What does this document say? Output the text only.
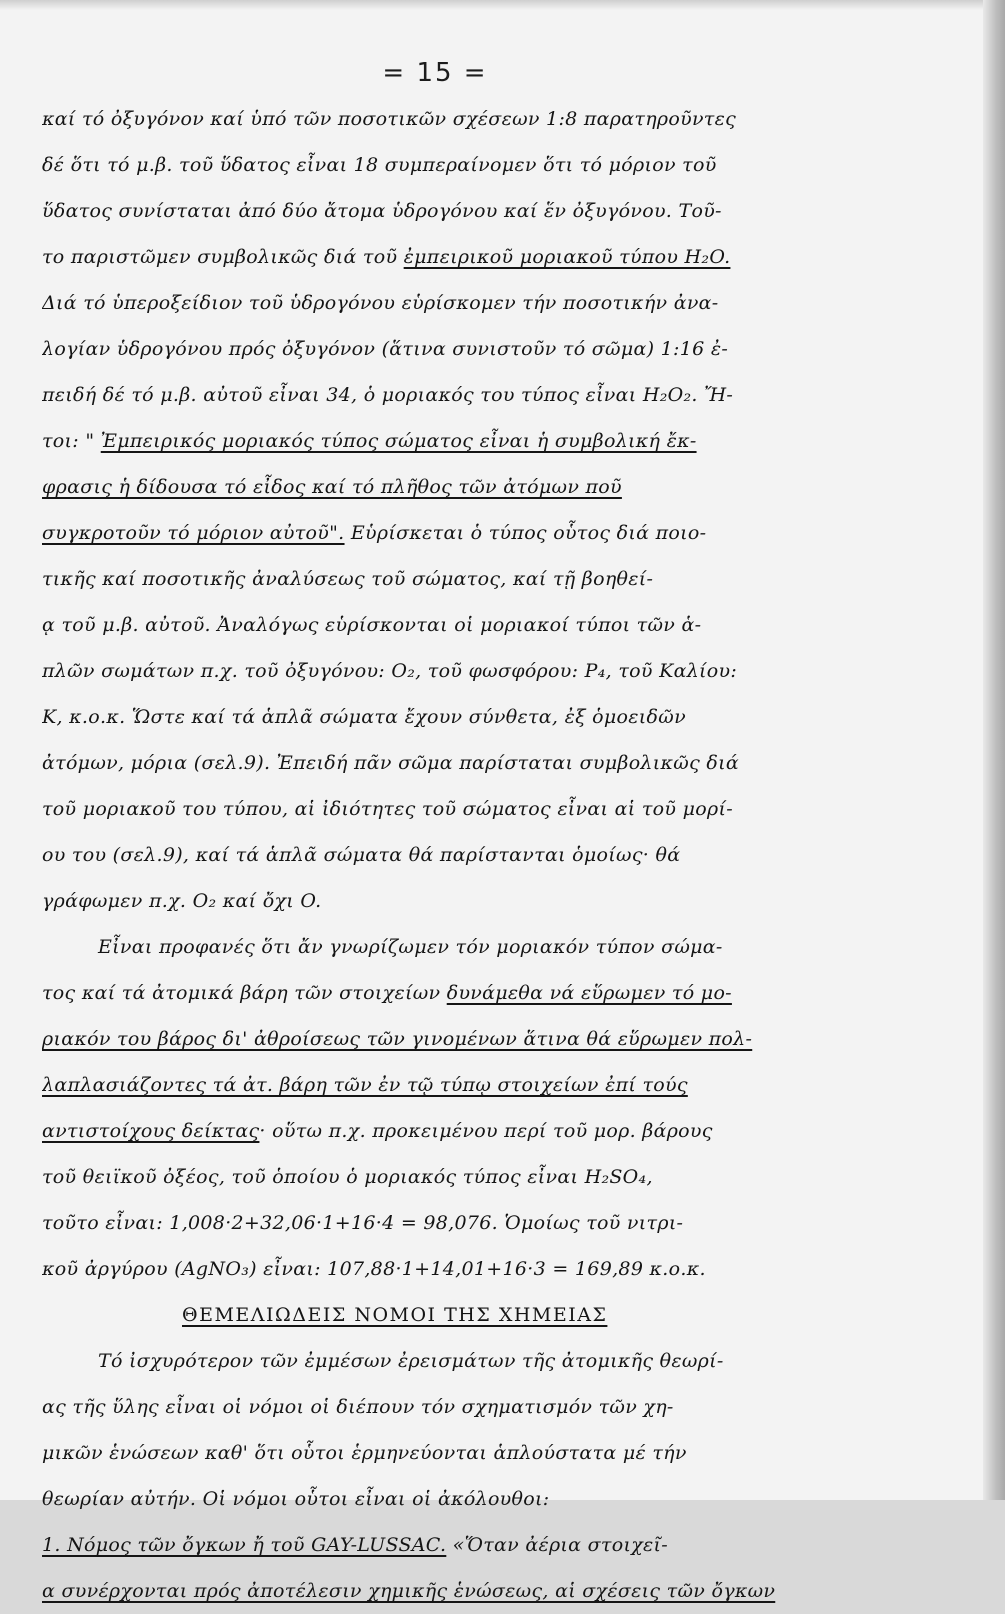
= 15 =
καί τό ὀξυγόνον καί ὑπό τῶν ποσοτικῶν σχέσεων 1:8 παρατηροῦντες
δέ ὅτι τό μ.β. τοῦ ὕδατος εἶναι 18 συμπεραίνομεν ὅτι τό μόριον τοῦ
ὕδατος συνίσταται ἀπό δύο ἄτομα ὑδρογόνου καί ἕν ὀξυγόνου. Τοῦ-
το παριστῶμεν συμβολικῶς διά τοῦ ἐμπειρικοῦ μοριακοῦ τύπου H₂O.
Διά τό ὑπεροξείδιον τοῦ ὑδρογόνου εὑρίσκομεν τήν ποσοτικήν ἀνα-
λογίαν ὑδρογόνου πρός ὀξυγόνον (ἅτινα συνιστοῦν τό σῶμα) 1:16 ἐ-
πειδή δέ τό μ.β. αὐτοῦ εἶναι 34, ὁ μοριακός του τύπος εἶναι H₂O₂. Ἤ-
τοι: " Ἐμπειρικός μοριακός τύπος σώματος εἶναι ἡ συμβολική ἔκ-
φρασις ἡ δίδουσα τό εἶδος καί τό πλῆθος τῶν ἀτόμων ποῦ
συγκροτοῦν τό μόριον αὐτοῦ". Εὑρίσκεται ὁ τύπος οὗτος διά ποιο-
τικῆς καί ποσοτικῆς ἀναλύσεως τοῦ σώματος, καί τῇ βοηθεί-
ᾳ τοῦ μ.β. αὐτοῦ. Ἀναλόγως εὑρίσκονται οἱ μοριακοί τύποι τῶν ἁ-
πλῶν σωμάτων π.χ. τοῦ ὀξυγόνου: O₂, τοῦ φωσφόρου: P₄, τοῦ Καλίου:
K, κ.ο.κ. Ὥστε καί τά ἁπλᾶ σώματα ἔχουν σύνθετα, ἐξ ὁμοειδῶν
ἀτόμων, μόρια (σελ.9). Ἐπειδή πᾶν σῶμα παρίσταται συμβολικῶς διά
τοῦ μοριακοῦ του τύπου, αἱ ἰδιότητες τοῦ σώματος εἶναι αἱ τοῦ μορί-
ου του (σελ.9), καί τά ἁπλᾶ σώματα θά παρίστανται ὁμοίως· θά
γράφωμεν π.χ. O₂ καί ὄχι O.
Εἶναι προφανές ὅτι ἄν γνωρίζωμεν τόν μοριακόν τύπον σώμα-
τος καί τά ἀτομικά βάρη τῶν στοιχείων δυνάμεθα νά εὕρωμεν τό μο-
ριακόν του βάρος δι' ἀθροίσεως τῶν γινομένων ἅτινα θά εὕρωμεν πολ-
λαπλασιάζοντες τά ἀτ. βάρη τῶν ἐν τῷ τύπῳ στοιχείων ἐπί τούς
αντιστοίχους δείκτας· οὕτω π.χ. προκειμένου περί τοῦ μορ. βάρους
τοῦ θειϊκοῦ ὀξέος, τοῦ ὁποίου ὁ μοριακός τύπος εἶναι H₂SO₄,
τοῦτο εἶναι: 1,008·2+32,06·1+16·4 = 98,076. Ὁμοίως τοῦ νιτρι-
κοῦ ἀργύρου (AgNO₃) εἶναι: 107,88·1+14,01+16·3 = 169,89 κ.ο.κ.
ΘΕΜΕΛΙΩΔΕΙΣ ΝΟΜΟΙ ΤΗΣ ΧΗΜΕΙΑΣ
Τό ἰσχυρότερον τῶν ἐμμέσων ἐρεισμάτων τῆς ἀτομικῆς θεωρί-
ας τῆς ὕλης εἶναι οἱ νόμοι οἱ διέπουν τόν σχηματισμόν τῶν χη-
μικῶν ἑνώσεων καθ' ὅτι οὗτοι ἑρμηνεύονται ἁπλούστατα μέ τήν
θεωρίαν αὐτήν. Οἱ νόμοι οὗτοι εἶναι οἱ ἀκόλουθοι:
1. Νόμος τῶν ὄγκων ἤ τοῦ GAY-LUSSAC. «Ὅταν ἀέρια στοιχεῖ-
α συνέρχονται πρός ἀποτέλεσιν χημικῆς ἑνώσεως, αἱ σχέσεις τῶν ὄγκων
